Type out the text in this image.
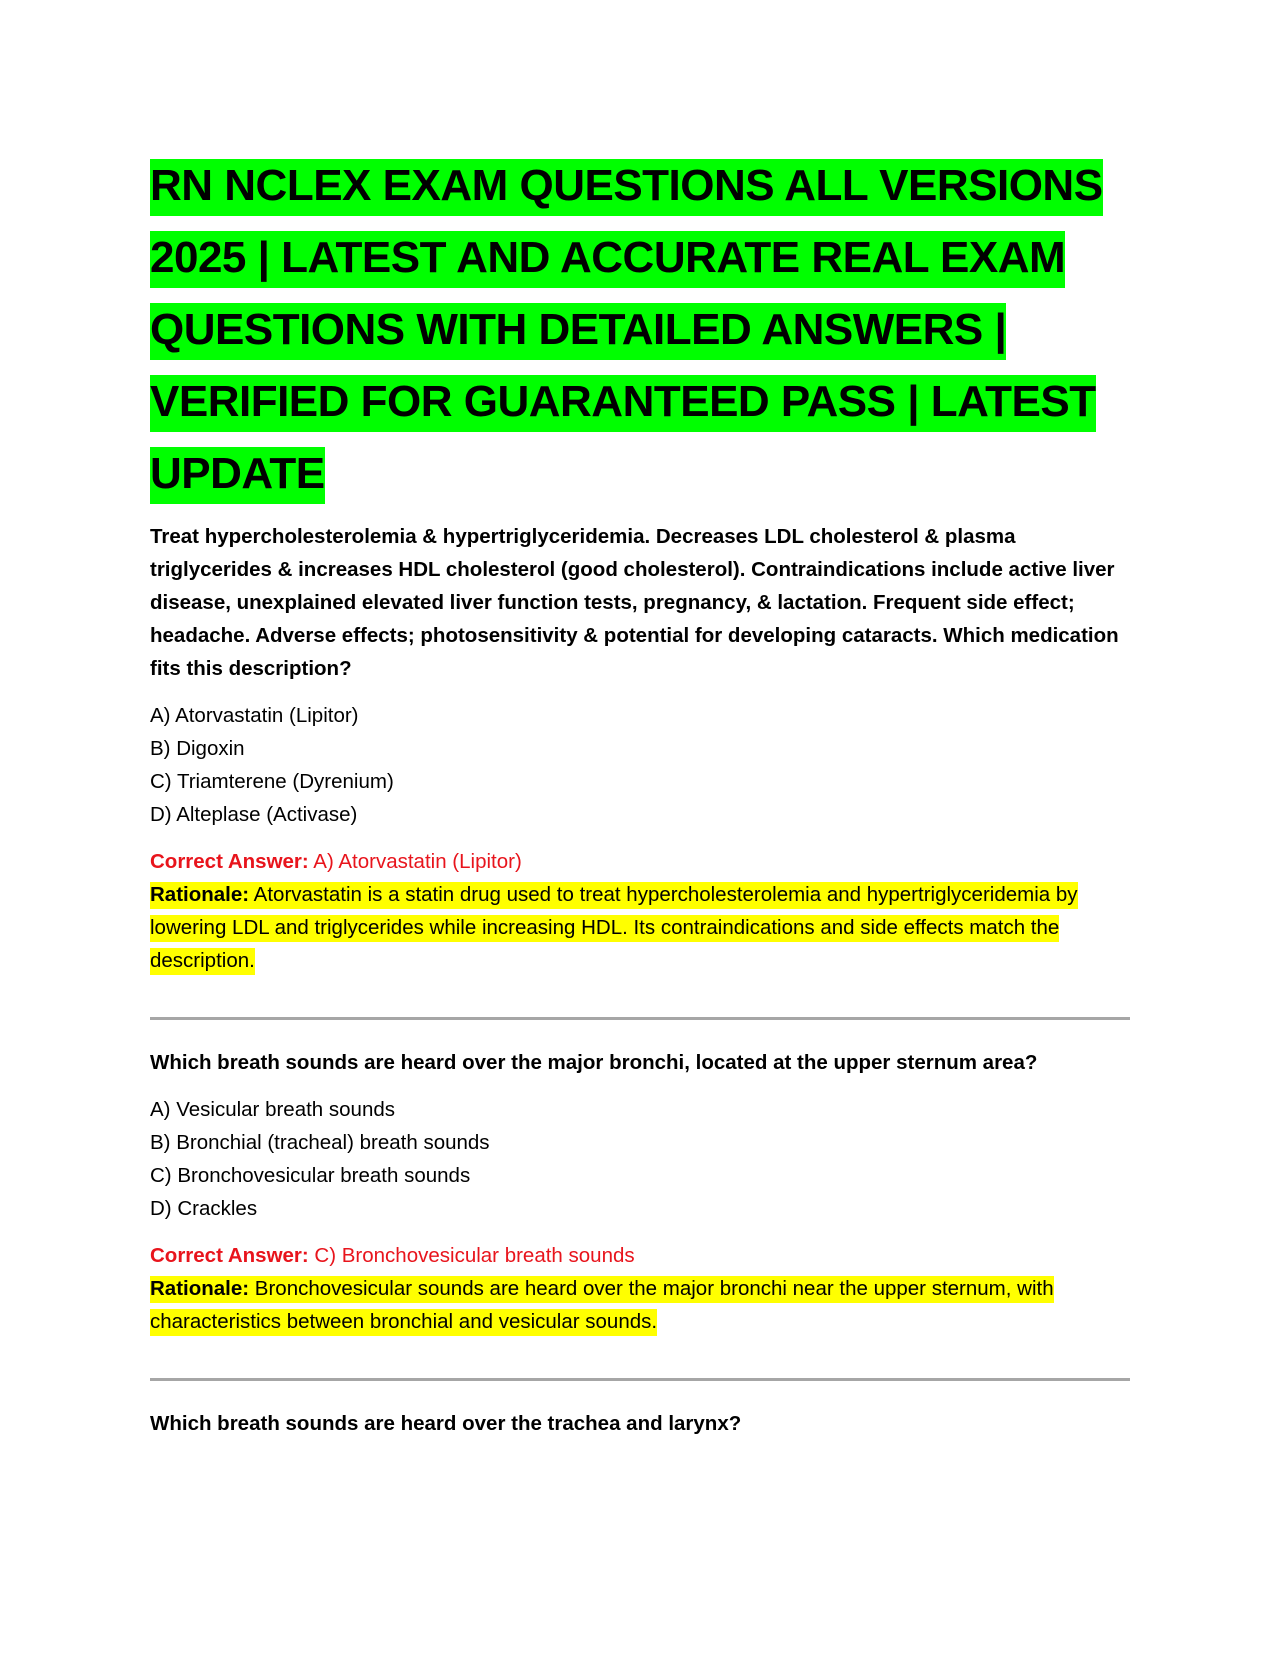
RN NCLEX EXAM QUESTIONS ALL VERSIONS 2025 | LATEST AND ACCURATE REAL EXAM QUESTIONS WITH DETAILED ANSWERS | VERIFIED FOR GUARANTEED PASS | LATEST UPDATE

Treat hypercholesterolemia & hypertriglyceridemia. Decreases LDL cholesterol & plasma triglycerides & increases HDL cholesterol (good cholesterol). Contraindications include active liver disease, unexplained elevated liver function tests, pregnancy, & lactation. Frequent side effect; headache. Adverse effects; photosensitivity & potential for developing cataracts. Which medication fits this description?

A) Atorvastatin (Lipitor)
B) Digoxin
C) Triamterene (Dyrenium)
D) Alteplase (Activase)

Correct Answer: A) Atorvastatin (Lipitor)

Rationale: Atorvastatin is a statin drug used to treat hypercholesterolemia and hypertriglyceridemia by lowering LDL and triglycerides while increasing HDL. Its contraindications and side effects match the description.

Which breath sounds are heard over the major bronchi, located at the upper sternum area?

A) Vesicular breath sounds
B) Bronchial (tracheal) breath sounds
C) Bronchovesicular breath sounds
D) Crackles

Correct Answer: C) Bronchovesicular breath sounds

Rationale: Bronchovesicular sounds are heard over the major bronchi near the upper sternum, with characteristics between bronchial and vesicular sounds.

Which breath sounds are heard over the trachea and larynx?
